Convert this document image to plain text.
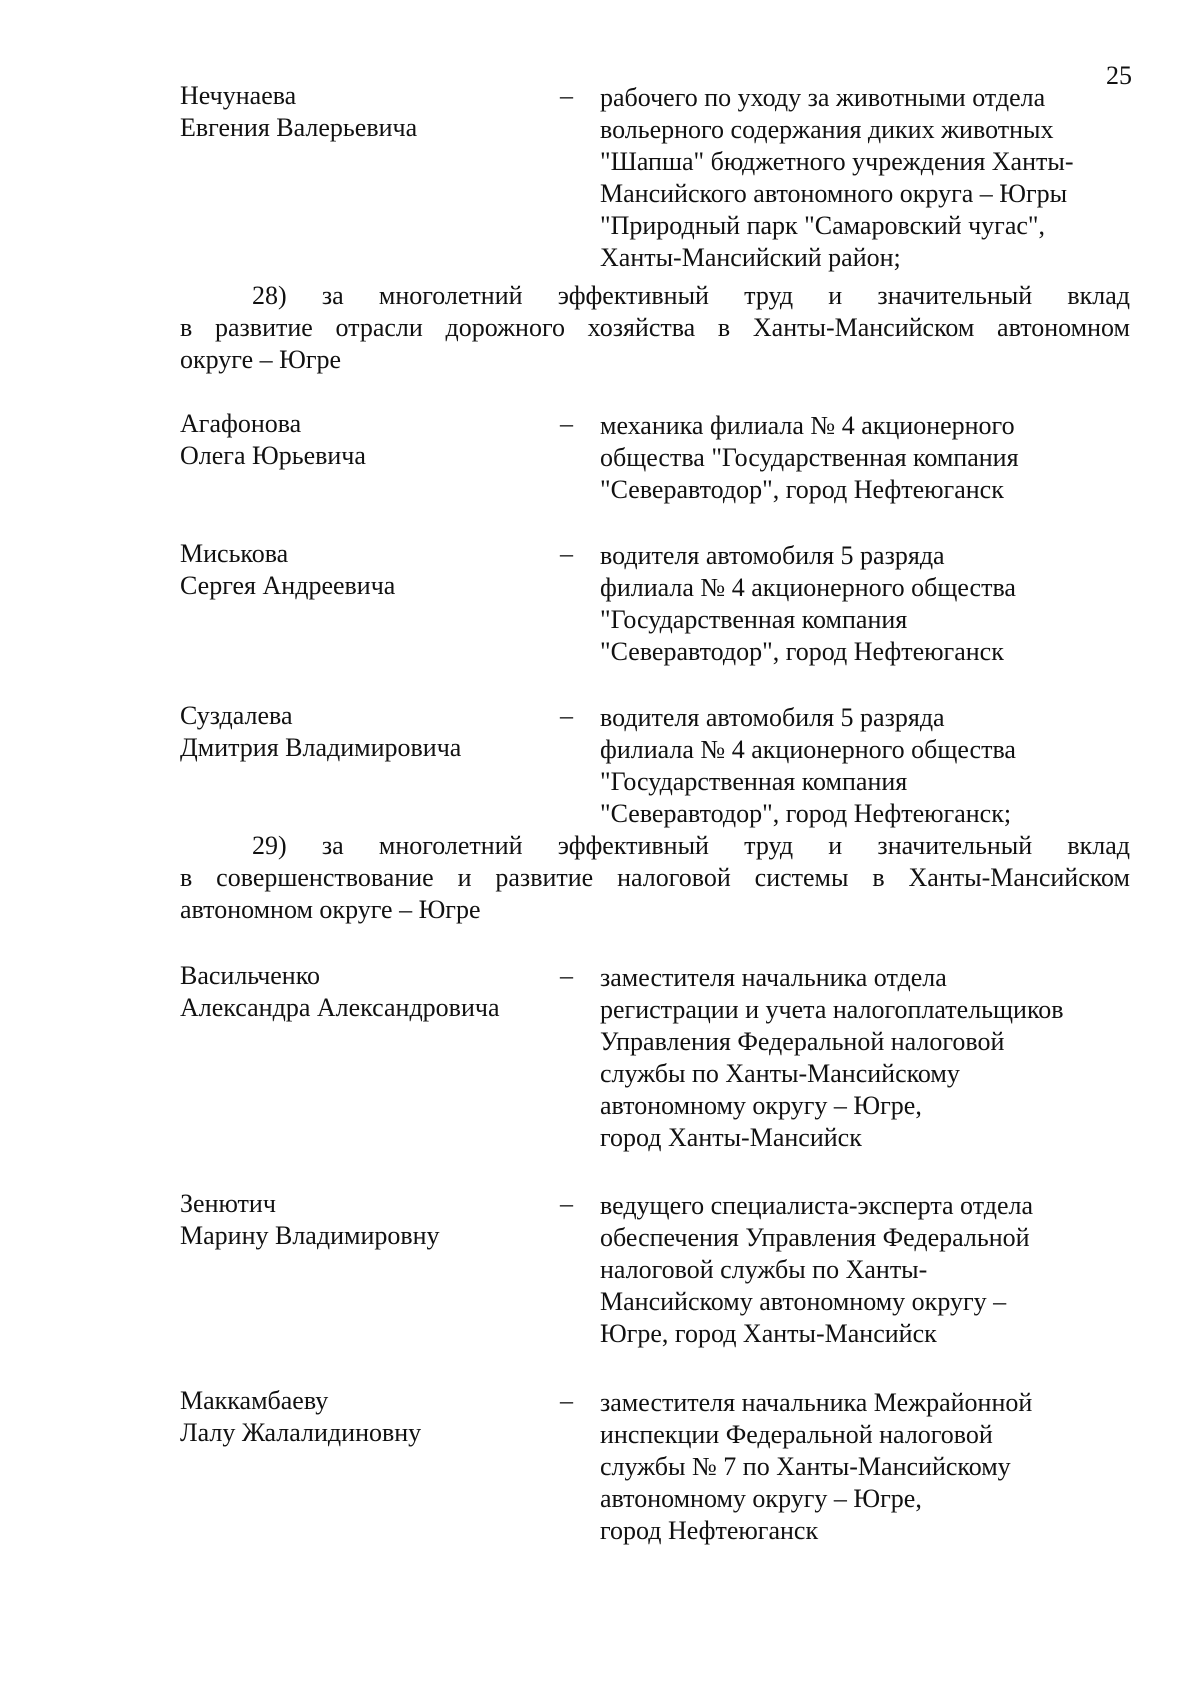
25
Нечунаева
Евгения Валерьевича
– рабочего по уходу за животными отдела
вольерного содержания диких животных
"Шапша" бюджетного учреждения Ханты-
Мансийского автономного округа – Югры
"Природный парк "Самаровский чугас",
Ханты-Мансийский район;
28) за многолетний эффективный труд и значительный вклад
в развитие отрасли дорожного хозяйства в Ханты-Мансийском автономном
округе – Югре
Агафонова
Олега Юрьевича
– механика филиала № 4 акционерного
общества "Государственная компания
"Северавтодор", город Нефтеюганск
Миськова
Сергея Андреевича
– водителя автомобиля 5 разряда
филиала № 4 акционерного общества
"Государственная компания
"Северавтодор", город Нефтеюганск
Суздалева
Дмитрия Владимировича
– водителя автомобиля 5 разряда
филиала № 4 акционерного общества
"Государственная компания
"Северавтодор", город Нефтеюганск;
29) за многолетний эффективный труд и значительный вклад
в совершенствование и развитие налоговой системы в Ханты-Мансийском
автономном округе – Югре
Васильченко
Александра Александровича
– заместителя начальника отдела
регистрации и учета налогоплательщиков
Управления Федеральной налоговой
службы по Ханты-Мансийскому
автономному округу – Югре,
город Ханты-Мансийск
Зенютич
Марину Владимировну
– ведущего специалиста-эксперта отдела
обеспечения Управления Федеральной
налоговой службы по Ханты-
Мансийскому автономному округу –
Югре, город Ханты-Мансийск
Маккамбаеву
Лалу Жалалидиновну
– заместителя начальника Межрайонной
инспекции Федеральной налоговой
службы № 7 по Ханты-Мансийскому
автономному округу – Югре,
город Нефтеюганск
